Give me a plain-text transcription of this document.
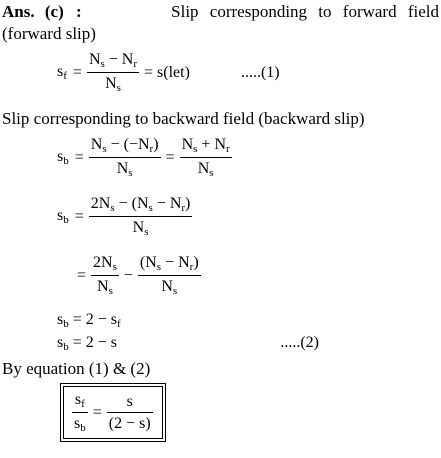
Ans. (c) :	Slip corresponding to forward field
(forward slip)
$s_f = \frac{N_s - N_r}{N_s} = s(let)$	.....(1)
Slip corresponding to backward field (backward slip)
$s_b = \frac{N_s - (-N_r)}{N_s} = \frac{N_s + N_r}{N_s}$
$s_b = \frac{2N_s - (N_s - N_r)}{N_s}$
= $\frac{2N_s}{N_s} - \frac{(N_s - N_r)}{N_s}$
$s_b = 2 - s_f$
$s_b = 2 - s$	.....(2)
By equation (1) & (2)
$\frac{s_f}{s_b} = \frac{s}{(2 - s)}$
